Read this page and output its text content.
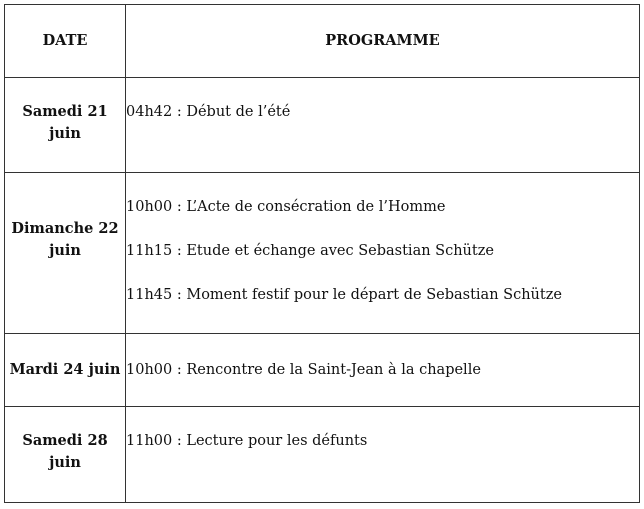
DATE	PROGRAMME
Samedi 21 juin	04h42 : Début de l’été

Dimanche 22 juin	10h00 : L’Acte de consécration de l’Homme
11h15 : Etude et échange avec Sebastian Schütze
11h45 : Moment festif pour le départ de Sebastian Schütze

Mardi 24 juin	10h00 : Rencontre de la Saint-Jean à la chapelle

Samedi 28 juin	11h00 : Lecture pour les défunts
